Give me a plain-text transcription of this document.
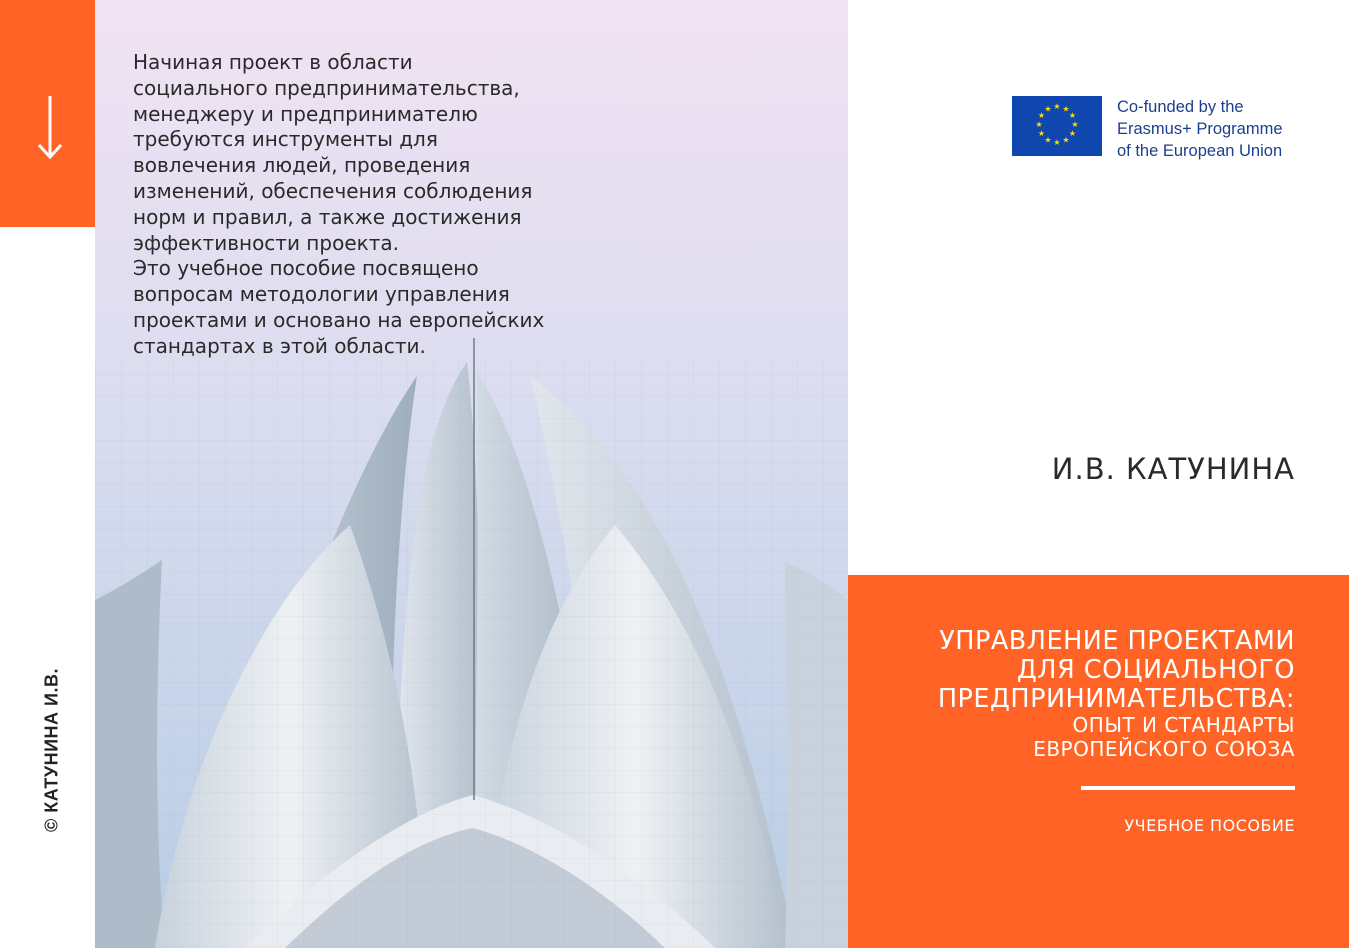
© КАТУНИНА И.В.

Начиная проект в области
социального предпринимательства,
менеджеру и предпринимателю
требуются инструменты для
вовлечения людей, проведения
изменений, обеспечения соблюдения
норм и правил, а также достижения
эффективности проекта.

Это учебное пособие посвящено
вопросам методологии управления
проектами и основано на европейских
стандартах в этой области.

★ ★
★
★
★
★
★
★
★
★
★
★	Co-funded by the
Erasmus+ Programme
of the European Union
И.В. КАТУНИНА
УПРАВЛЕНИЕ ПРОЕКТАМИ
ДЛЯ СОЦИАЛЬНОГО
ПРЕДПРИНИМАТЕЛЬСТВА:
ОПЫТ И СТАНДАРТЫ
ЕВРОПЕЙСКОГО СОЮЗА
УЧЕБНОЕ ПОСОБИЕ
